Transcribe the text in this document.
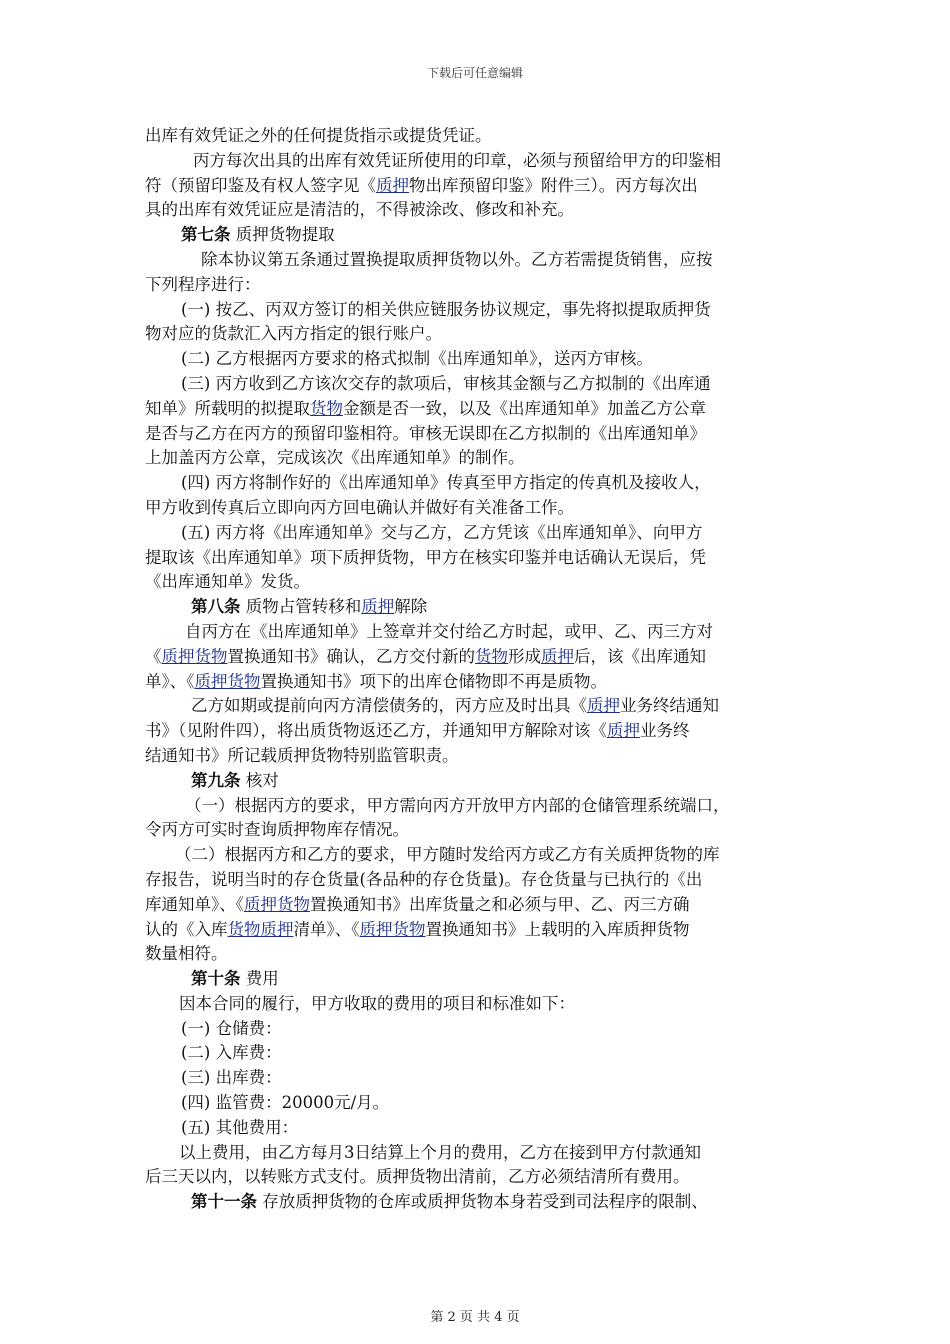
下载后可任意编辑
出库有效凭证之外的任何提货指示或提货凭证。
丙方每次出具的出库有效凭证所使用的印章，必须与预留给甲方的印鉴相
符（预留印鉴及有权人签字见《质押物出库预留印鉴》附件三）。丙方每次出
具的出库有效凭证应是清洁的，不得被涂改、修改和补充。
第七条 质押货物提取
除本协议第五条通过置换提取质押货物以外。乙方若需提货销售，应按
下列程序进行：
(一) 按乙、丙双方签订的相关供应链服务协议规定，事先将拟提取质押货
物对应的货款汇入丙方指定的银行账户。
(二) 乙方根据丙方要求的格式拟制《出库通知单》，送丙方审核。
(三) 丙方收到乙方该次交存的款项后，审核其金额与乙方拟制的《出库通
知单》所载明的拟提取货物金额是否一致，以及《出库通知单》加盖乙方公章
是否与乙方在丙方的预留印鉴相符。审核无误即在乙方拟制的《出库通知单》
上加盖丙方公章，完成该次《出库通知单》的制作。
(四) 丙方将制作好的《出库通知单》传真至甲方指定的传真机及接收人，
甲方收到传真后立即向丙方回电确认并做好有关准备工作。
(五) 丙方将《出库通知单》交与乙方，乙方凭该《出库通知单》、向甲方
提取该《出库通知单》项下质押货物，甲方在核实印鉴并电话确认无误后，凭
《出库通知单》发货。
第八条 质物占管转移和质押解除
自丙方在《出库通知单》上签章并交付给乙方时起，或甲、乙、丙三方对
《质押货物置换通知书》确认，乙方交付新的货物形成质押后，该《出库通知
单》、《质押货物置换通知书》项下的出库仓储物即不再是质物。
乙方如期或提前向丙方清偿债务的，丙方应及时出具《质押业务终结通知
书》（见附件四），将出质货物返还乙方，并通知甲方解除对该《质押业务终
结通知书》所记载质押货物特别监管职责。
第九条 核对
（一）根据丙方的要求，甲方需向丙方开放甲方内部的仓储管理系统端口，
令丙方可实时查询质押物库存情况。
（二）根据丙方和乙方的要求，甲方随时发给丙方或乙方有关质押货物的库
存报告，说明当时的存仓货量(各品种的存仓货量)。存仓货量与已执行的《出
库通知单》、《质押货物置换通知书》出库货量之和必须与甲、乙、丙三方确
认的《入库货物质押清单》、《质押货物置换通知书》上载明的入库质押货物
数量相符。
第十条 费用
因本合同的履行，甲方收取的费用的项目和标准如下：
(一) 仓储费：
(二) 入库费：
(三) 出库费：
(四) 监管费：20000元/月。
(五) 其他费用：
以上费用，由乙方每月3日结算上个月的费用，乙方在接到甲方付款通知
后三天以内，以转账方式支付。质押货物出清前，乙方必须结清所有费用。
第十一条 存放质押货物的仓库或质押货物本身若受到司法程序的限制、
第 2 页 共 4 页
